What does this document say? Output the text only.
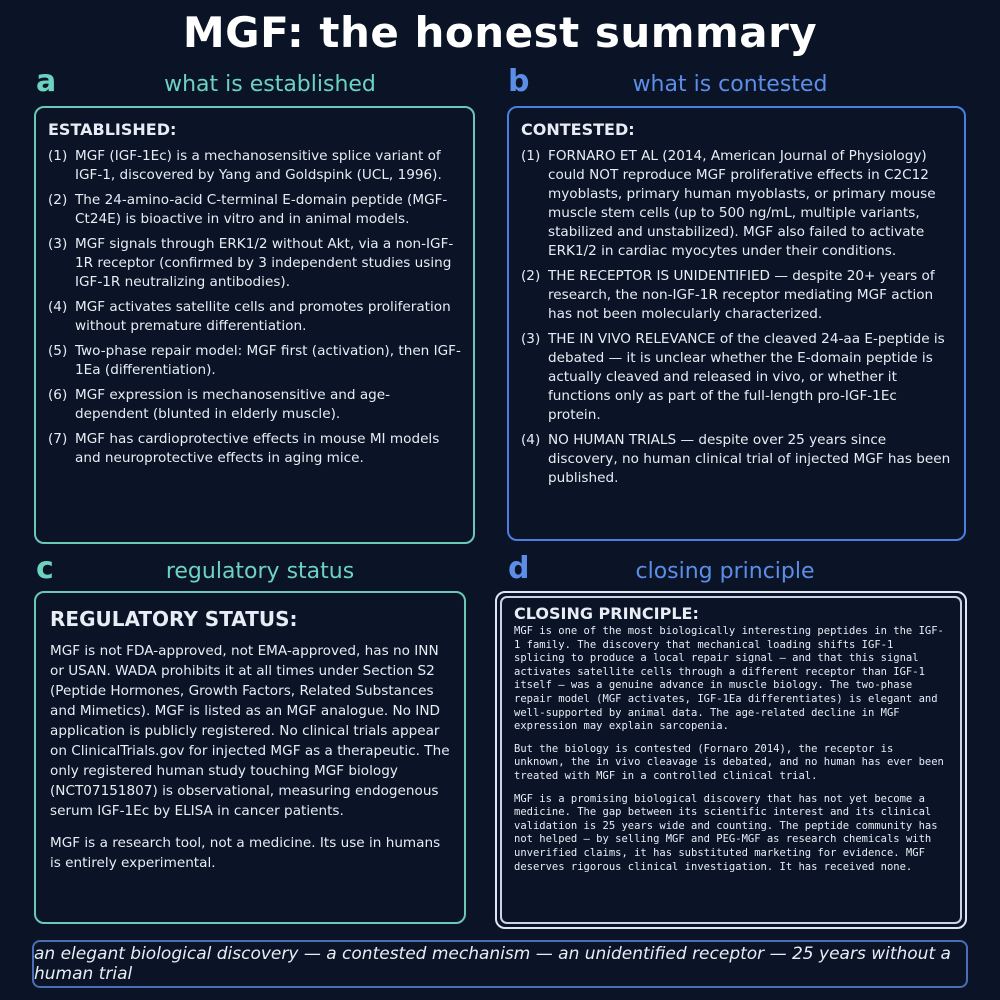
MGF: the honest summary
a	what is established
ESTABLISHED:
(1) MGF (IGF-1Ec) is a mechanosensitive splice variant of IGF-1, discovered by Yang and Goldspink (UCL, 1996).
(2) The 24-amino-acid C-terminal E-domain peptide (MGF-Ct24E) is bioactive in vitro and in animal models.
(3) MGF signals through ERK1/2 without Akt, via a non-IGF-1R receptor (confirmed by 3 independent studies using IGF-1R neutralizing antibodies).
(4) MGF activates satellite cells and promotes proliferation without premature differentiation.
(5) Two-phase repair model: MGF first (activation), then IGF-1Ea (differentiation).
(6) MGF expression is mechanosensitive and age-dependent (blunted in elderly muscle).
(7) MGF has cardioprotective effects in mouse MI models and neuroprotective effects in aging mice.
b	what is contested
CONTESTED:
(1) FORNARO ET AL (2014, American Journal of Physiology) could NOT reproduce MGF proliferative effects in C2C12 myoblasts, primary human myoblasts, or primary mouse muscle stem cells (up to 500 ng/mL, multiple variants, stabilized and unstabilized). MGF also failed to activate ERK1/2 in cardiac myocytes under their conditions.
(2) THE RECEPTOR IS UNIDENTIFIED — despite 20+ years of research, the non-IGF-1R receptor mediating MGF action has not been molecularly characterized.
(3) THE IN VIVO RELEVANCE of the cleaved 24-aa E-peptide is debated — it is unclear whether the E-domain peptide is actually cleaved and released in vivo, or whether it functions only as part of the full-length pro-IGF-1Ec protein.
(4) NO HUMAN TRIALS — despite over 25 years since discovery, no human clinical trial of injected MGF has been published.
c	regulatory status
REGULATORY STATUS:

MGF is not FDA-approved, not EMA-approved, has no INN or USAN. WADA prohibits it at all times under Section S2 (Peptide Hormones, Growth Factors, Related Substances and Mimetics). MGF is listed as an MGF analogue. No IND application is publicly registered. No clinical trials appear on ClinicalTrials.gov for injected MGF as a therapeutic. The only registered human study touching MGF biology (NCT07151807) is observational, measuring endogenous serum IGF-1Ec by ELISA in cancer patients.

MGF is a research tool, not a medicine. Its use in humans is entirely experimental.

d	closing principle
CLOSING PRINCIPLE:

MGF is one of the most biologically interesting peptides in the IGF-1 family. The discovery that mechanical loading shifts IGF-1 splicing to produce a local repair signal — and that this signal activates satellite cells through a different receptor than IGF-1 itself — was a genuine advance in muscle biology. The two-phase repair model (MGF activates, IGF-1Ea differentiates) is elegant and well-supported by animal data. The age-related decline in MGF expression may explain sarcopenia.

But the biology is contested (Fornaro 2014), the receptor is unknown, the in vivo cleavage is debated, and no human has ever been treated with MGF in a controlled clinical trial.

MGF is a promising biological discovery that has not yet become a medicine. The gap between its scientific interest and its clinical validation is 25 years wide and counting. The peptide community has not helped — by selling MGF and PEG-MGF as research chemicals with unverified claims, it has substituted marketing for evidence. MGF deserves rigorous clinical investigation. It has received none.

an elegant biological discovery — a contested mechanism — an unidentified receptor — 25 years without a human trial
